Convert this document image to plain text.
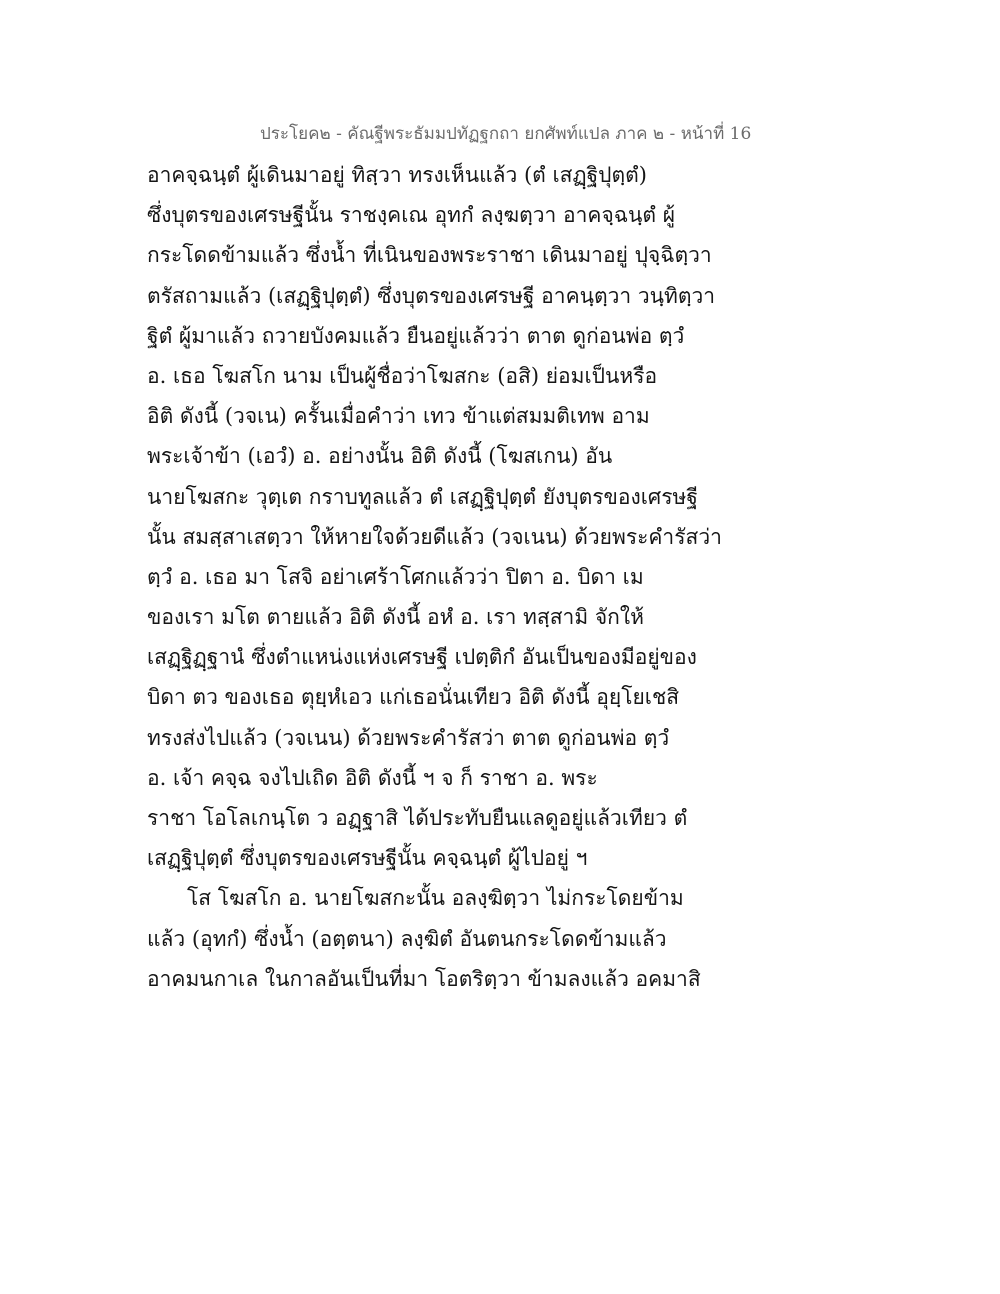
ประโยค๒ - คัณฐีพระธัมมปทัฏฐกถา ยกศัพท์แปล ภาค ๒ - หน้าที่ 16
อาคจฺฉนฺตํ ผู้เดินมาอยู่ ทิสฺวา ทรงเห็นแล้ว (ตํ เสฏฺฐิปุตฺตํ)
ซึ่งบุตรของเศรษฐีนั้น ราชงฺคเณ อุทกํ ลงฺฆตฺวา อาคจฺฉนฺตํ ผู้
กระโดดข้ามแล้ว ซึ่งน้ำ ที่เนินของพระราชา เดินมาอยู่ ปุจฺฉิตฺวา
ตรัสถามแล้ว (เสฏฺฐิปุตฺตํ) ซึ่งบุตรของเศรษฐี อาคนฺตฺวา วนฺทิตฺวา
ฐิตํ ผู้มาแล้ว ถวายบังคมแล้ว ยืนอยู่แล้วว่า ตาต ดูก่อนพ่อ ตฺวํ
อ. เธอ โฆสโก นาม เป็นผู้ชื่อว่าโฆสกะ (อสิ) ย่อมเป็นหรือ
อิติ ดังนี้ (วจเน) ครั้นเมื่อคำว่า เทว ข้าแต่สมมติเทพ อาม
พระเจ้าข้า (เอวํ) อ. อย่างนั้น อิติ ดังนี้ (โฆสเกน) อัน
นายโฆสกะ วุตฺเต กราบทูลแล้ว ตํ เสฏฺฐิปุตฺตํ ยังบุตรของเศรษฐี
นั้น สมสฺสาเสตฺวา ให้หายใจด้วยดีแล้ว (วจเนน) ด้วยพระคำรัสว่า
ตฺวํ อ. เธอ มา โสจิ อย่าเศร้าโศกแล้วว่า ปิตา อ. บิดา เม
ของเรา มโต ตายแล้ว อิติ ดังนี้ อหํ อ. เรา ทสฺสามิ จักให้
เสฏฺฐิฏฺฐานํ ซึ่งตำแหน่งแห่งเศรษฐี เปตฺติกํ อันเป็นของมีอยู่ของ
บิดา ตว ของเธอ ตุยฺหํเอว แก่เธอนั่นเทียว อิติ ดังนี้ อุยฺโยเชสิ
ทรงส่งไปแล้ว (วจเนน) ด้วยพระคำรัสว่า ตาต ดูก่อนพ่อ ตฺวํ
อ. เจ้า คจฺฉ จงไปเถิด อิติ ดังนี้ ฯ จ ก็ ราชา อ. พระ
ราชา โอโลเกนฺโต ว อฏฺฐาสิ ได้ประทับยืนแลดูอยู่แล้วเทียว ตํ
เสฏฺฐิปุตฺตํ ซึ่งบุตรของเศรษฐีนั้น คจฺฉนฺตํ ผู้ไปอยู่ ฯ
โส โฆสโก อ. นายโฆสกะนั้น อลงฺฆิตฺวา ไม่กระโดยข้าม
แล้ว (อุทกํ) ซึ่งน้ำ (อตฺตนา) ลงฺฆิตํ อันตนกระโดดข้ามแล้ว
อาคมนกาเล ในกาลอันเป็นที่มา โอตริตฺวา ข้ามลงแล้ว อคมาสิ
